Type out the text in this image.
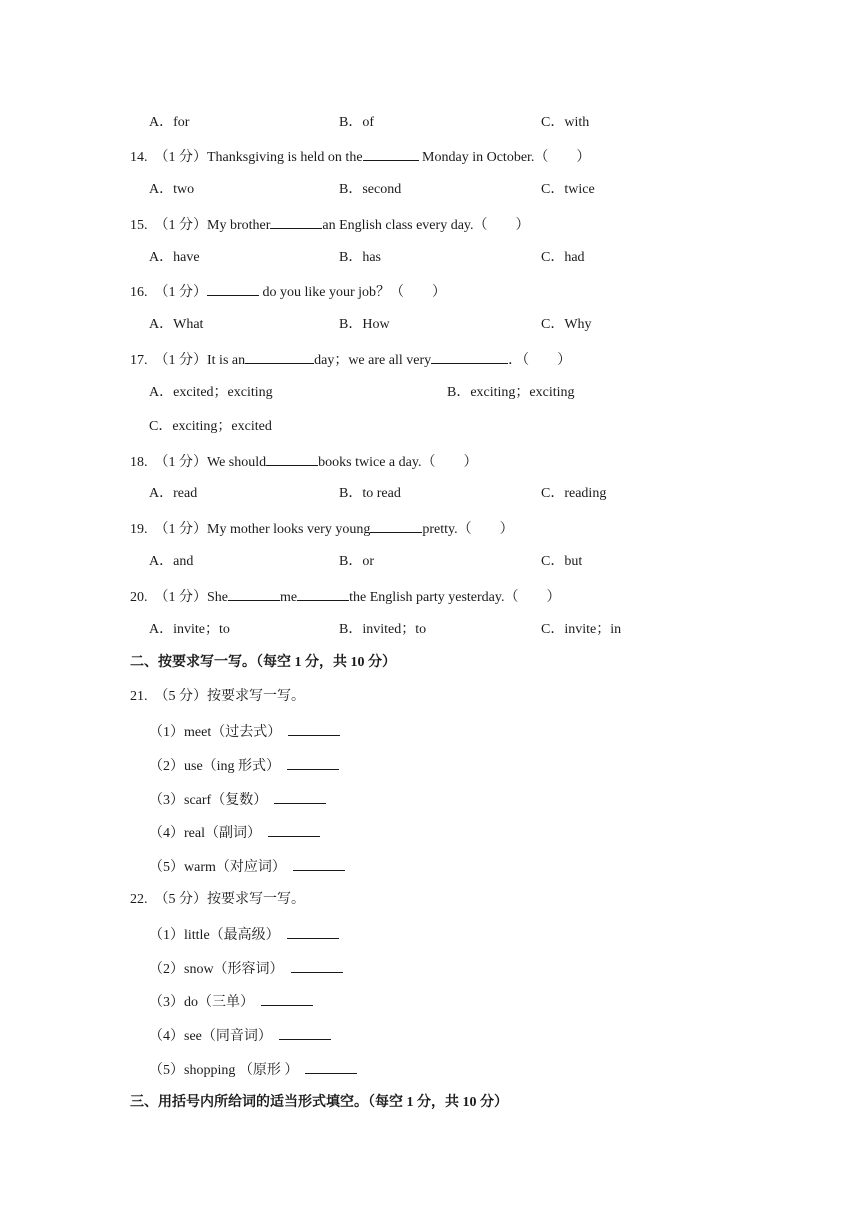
A．for	B．of	C．with
14. （1 分）Thanksgiving is held on the	Monday in October.（　　）
A．two	B．second	C．twice
15. （1 分）My brother	an English class every day.（　　）
A．have	B．has	C．had
16. （1 分）	do you like your job？（　　）
A．What	B．How	C．Why
17. （1 分）It is an	day；we are all very	．（　　）
A．excited；exciting	B．exciting；exciting
C．exciting；excited
18. （1 分）We should	books twice a day.（　　）
A．read	B．to read	C．reading
19. （1 分）My mother looks very young	pretty.（　　）
A．and	B．or	C．but
20. （1 分）She	me	the English party yesterday.（　　）
A．invite；to	B．invited；to	C．invite；in
二、按要求写一写。（每空 1 分，共 10 分）
21.  （5 分）按要求写一写。
（1）meet（过去式）
（2）use（ing 形式）
（3）scarf（复数）
（4）real（副词）
（5）warm（对应词）
22.  （5 分）按要求写一写。
（1）little（最高级）
（2）snow（形容词）
（3）do（三单）
（4）see（同音词）
（5）shopping （原形 ）
三、用括号内所给词的适当形式填空。（每空 1 分，共 10 分）
